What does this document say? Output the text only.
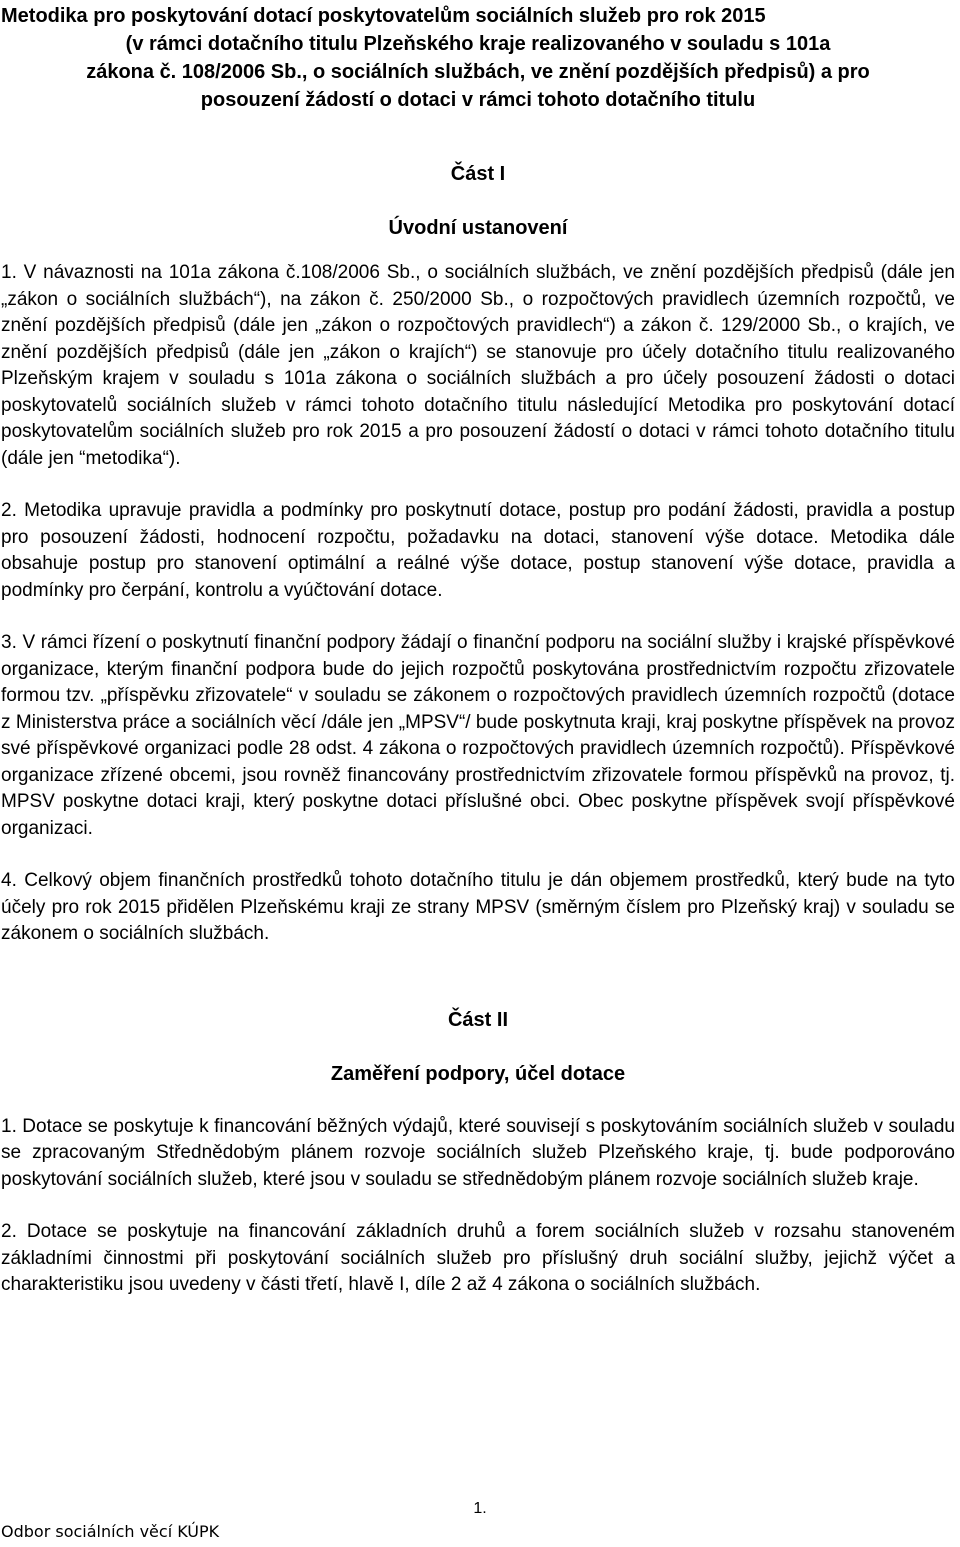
Metodika pro poskytování dotací poskytovatelům sociálních služeb pro rok 2015
(v rámci dotačního titulu Plzeňského kraje realizovaného v souladu s 101a
zákona č. 108/2006 Sb., o sociálních službách, ve znění pozdějších předpisů) a pro
posouzení žádostí o dotaci v rámci tohoto dotačního titulu
Část I
Úvodní ustanovení

1. V návaznosti na 101a zákona č.108/2006 Sb., o sociálních službách, ve znění pozdějších předpisů (dále jen „zákon o sociálních službách“), na zákon č. 250/2000 Sb., o rozpočtových pravidlech územních rozpočtů, ve znění pozdějších předpisů (dále jen „zákon o rozpočtových pravidlech“) a zákon č. 129/2000 Sb., o krajích, ve znění pozdějších předpisů (dále jen „zákon o krajích“) se stanovuje pro účely dotačního titulu realizovaného Plzeňským krajem v souladu s 101a zákona o sociálních službách a pro účely posouzení žádosti o dotaci poskytovatelů sociálních služeb v rámci tohoto dotačního titulu následující Metodika pro poskytování dotací poskytovatelům sociálních služeb pro rok 2015 a pro posouzení žádostí o dotaci v rámci tohoto dotačního titulu (dále jen “metodika“).

2. Metodika upravuje pravidla a podmínky pro poskytnutí dotace, postup pro podání žádosti, pravidla a postup pro posouzení žádosti, hodnocení rozpočtu, požadavku na dotaci, stanovení výše dotace. Metodika dále obsahuje postup pro stanovení optimální a reálné výše dotace, postup stanovení výše dotace, pravidla a podmínky pro čerpání, kontrolu a vyúčtování dotace.

3. V rámci řízení o poskytnutí finanční podpory žádají o finanční podporu na sociální služby i krajské příspěvkové organizace, kterým finanční podpora bude do jejich rozpočtů poskytována prostřednictvím rozpočtu zřizovatele formou tzv. „příspěvku zřizovatele“ v souladu se zákonem o rozpočtových pravidlech územních rozpočtů (dotace z Ministerstva práce a sociálních věcí /dále jen „MPSV“/ bude poskytnuta kraji, kraj poskytne příspěvek na provoz své příspěvkové organizaci podle 28 odst. 4 zákona o rozpočtových pravidlech územních rozpočtů). Příspěvkové organizace zřízené obcemi, jsou rovněž financovány prostřednictvím zřizovatele formou příspěvků na provoz, tj. MPSV poskytne dotaci kraji, který poskytne dotaci příslušné obci. Obec poskytne příspěvek svojí příspěvkové organizaci.

4. Celkový objem finančních prostředků tohoto dotačního titulu je dán objemem prostředků, který bude na tyto účely pro rok 2015 přidělen Plzeňskému kraji ze strany MPSV (směrným číslem pro Plzeňský kraj) v souladu se zákonem o sociálních službách.

Část II
Zaměření podpory, účel dotace

1. Dotace se poskytuje k financování běžných výdajů, které souvisejí s poskytováním sociálních služeb v souladu se zpracovaným Střednědobým plánem rozvoje sociálních služeb Plzeňského kraje, tj. bude podporováno poskytování sociálních služeb, které jsou v souladu se střednědobým plánem rozvoje sociálních služeb kraje.

2. Dotace se poskytuje na financování základních druhů a forem sociálních služeb v rozsahu stanoveném základními činnostmi při poskytování sociálních služeb pro příslušný druh sociální služby, jejichž výčet a charakteristiku jsou uvedeny v části třetí, hlavě I, díle 2 až 4 zákona o sociálních službách.

1.
Odbor sociálních věcí KÚPK
